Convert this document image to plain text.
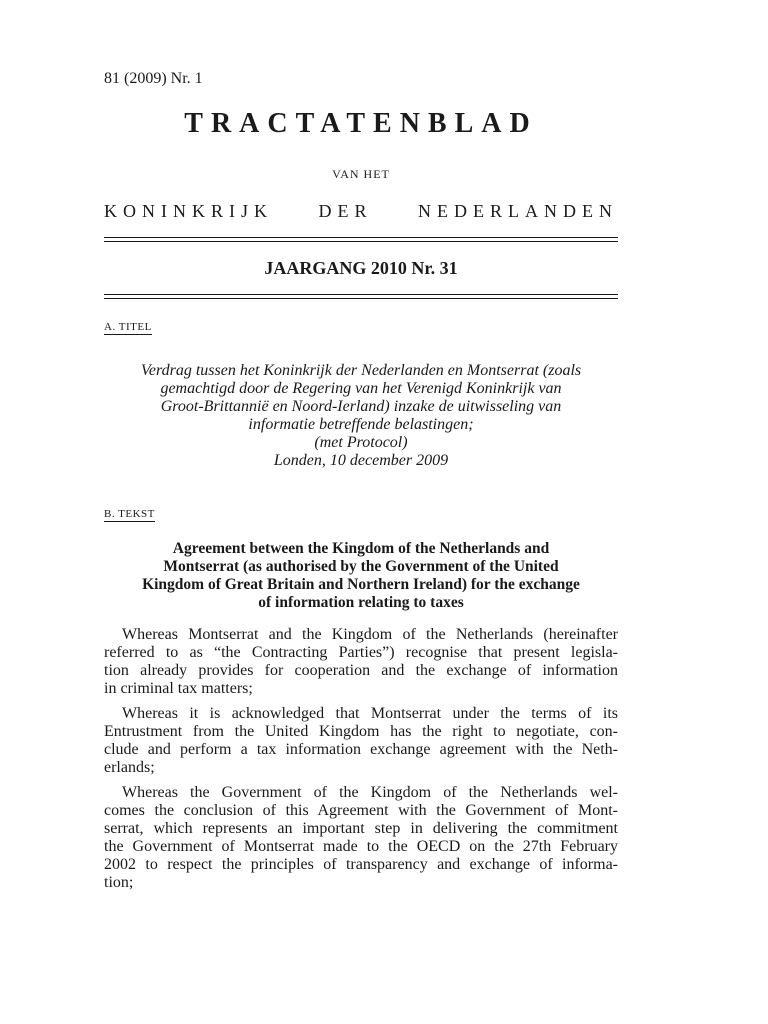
81 (2009) Nr. 1
TRACTATENBLAD
VAN HET
KONINKRIJK	DER	NEDERLANDEN
JAARGANG 2010 Nr. 31
A. TITEL
Verdrag tussen het Koninkrijk der Nederlanden en Montserrat (zoals
gemachtigd door de Regering van het Verenigd Koninkrijk van
Groot-Brittannië en Noord-Ierland) inzake de uitwisseling van
informatie betreffende belastingen;
(met Protocol)
Londen, 10 december 2009
B. TEKST
Agreement between the Kingdom of the Netherlands and
Montserrat (as authorised by the Government of the United
Kingdom of Great Britain and Northern Ireland) for the exchange
of information relating to taxes

Whereas Montserrat and the Kingdom of the Netherlands (hereinafter
referred to as “the Contracting Parties”) recognise that present legisla-
tion already provides for cooperation and the exchange of information
in criminal tax matters;

Whereas it is acknowledged that Montserrat under the terms of its
Entrustment from the United Kingdom has the right to negotiate, con-
clude and perform a tax information exchange agreement with the Neth-
erlands;

Whereas the Government of the Kingdom of the Netherlands wel-
comes the conclusion of this Agreement with the Government of Mont-
serrat, which represents an important step in delivering the commitment
the Government of Montserrat made to the OECD on the 27th February
2002 to respect the principles of transparency and exchange of informa-
tion;
